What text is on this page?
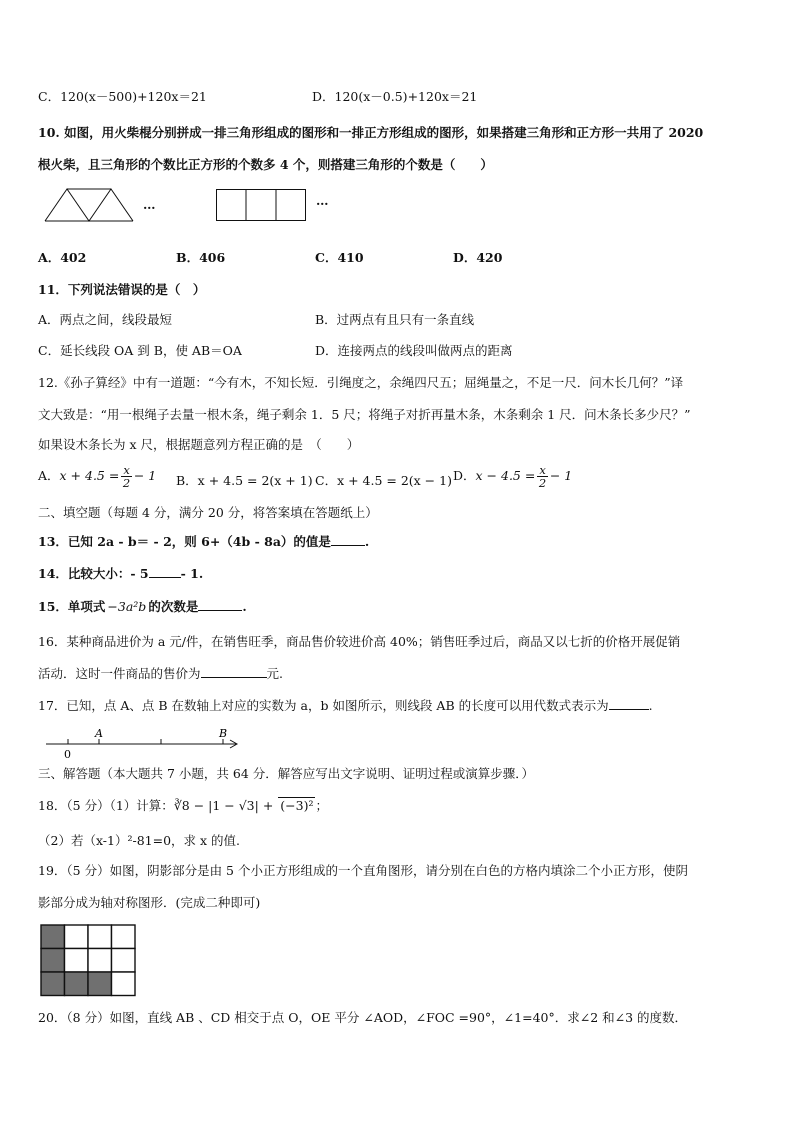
C．120(x－500)+120x＝21	D．120(x－0.5)+120x＝21
10. 如图，用火柴棍分别拼成一排三角形组成的图形和一排正方形组成的图形，如果搭建三角形和正方形一共用了 2020
根火柴，且三角形的个数比正方形的个数多 4 个，则搭建三角形的个数是（　　）
…	…
A．402	B．406	C．410	D．420
11．下列说法错误的是（　）
A．两点之间，线段最短	B．过两点有且只有一条直线
C．延长线段 OA 到 B，使 AB＝OA	D．连接两点的线段叫做两点的距离
12.《孙子算经》中有一道题：“今有木，不知长短．引绳度之，余绳四尺五；屈绳量之，不足一尺．问木长几何？”译
文大致是：“用一根绳子去量一根木条，绳子剩余 1．5 尺；将绳子对折再量木条，木条剩余 1 尺．问木条长多少尺？”
如果设木条长为 x 尺，根据题意列方程正确的是　（　　）
A．$x + 4.5 = \frac{x}{2} - 1$ B．x + 4.5 = 2(x + 1) C．x + 4.5 = 2(x − 1) D．$x - 4.5 = \frac{x}{2} - 1$
二、填空题（每题 4 分，满分 20 分，将答案填在答题纸上）
13．已知 2a - b＝ - 2，则 6+（4b - 8a）的值是	.
14．比较大小：- 5	- 1.
15．单项式 −3a²b 的次数是	.
16．某种商品进价为 a 元/件，在销售旺季，商品售价较进价高 40%；销售旺季过后，商品又以七折的价格开展促销
活动．这时一件商品的售价为	元.
17．已知，点 A、点 B 在数轴上对应的实数为 a，b 如图所示，则线段 AB 的长度可以用代数式表示为	.
0
A	B
三、解答题（本大题共 7 小题，共 64 分．解答应写出文字说明、证明过程或演算步骤．）
18．（5 分）（1）计算：∛8 − |1 − √3| + (−3)² ；
（2）若（x-1）²-81=0，求 x 的值.
19．（5 分）如图，阴影部分是由 5 个小正方形组成的一个直角图形，请分别在白色的方格内填涂二个小正方形，使阴
影部分成为轴对称图形．(完成二种即可)
20．（8 分）如图，直线 AB 、CD 相交于点 O，OE 平分 ∠AOD，∠FOC =90°，∠1=40°．求∠2 和∠3 的度数．
